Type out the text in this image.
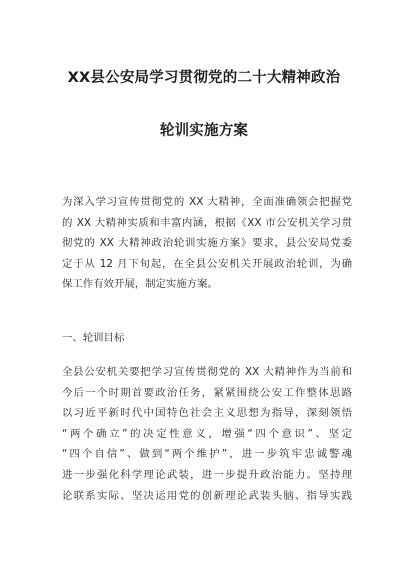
XX县公安局学习贯彻党的二十大精神政治
轮训实施方案
为深入学习宣传贯彻党的 XX 大精神，全面准确领会把握党
的 XX 大精神实质和丰富内涵，根据《XX 市公安机关学习贯
彻党的 XX 大精神政治轮训实施方案》要求，县公安局党委
定于从 12 月下旬起，在全县公安机关开展政治轮训，为确
保工作有效开展，制定实施方案。
一、轮训目标
全县公安机关要把学习宣传贯彻党的 XX 大精神作为当前和
今后一个时期首要政治任务，紧紧围绕公安工作整体思路
以习近平新时代中国特色社会主义思想为指导，深刻领悟
“两个确立”的决定性意义，增强“四个意识”、坚定
“四个自信”、做到“两个维护”，进一步筑牢忠诚警魂
进一步强化科学理论武装，进一步提升政治能力。坚持理
论联系实际、坚决运用党的创新理论武装头脑、指导实践
